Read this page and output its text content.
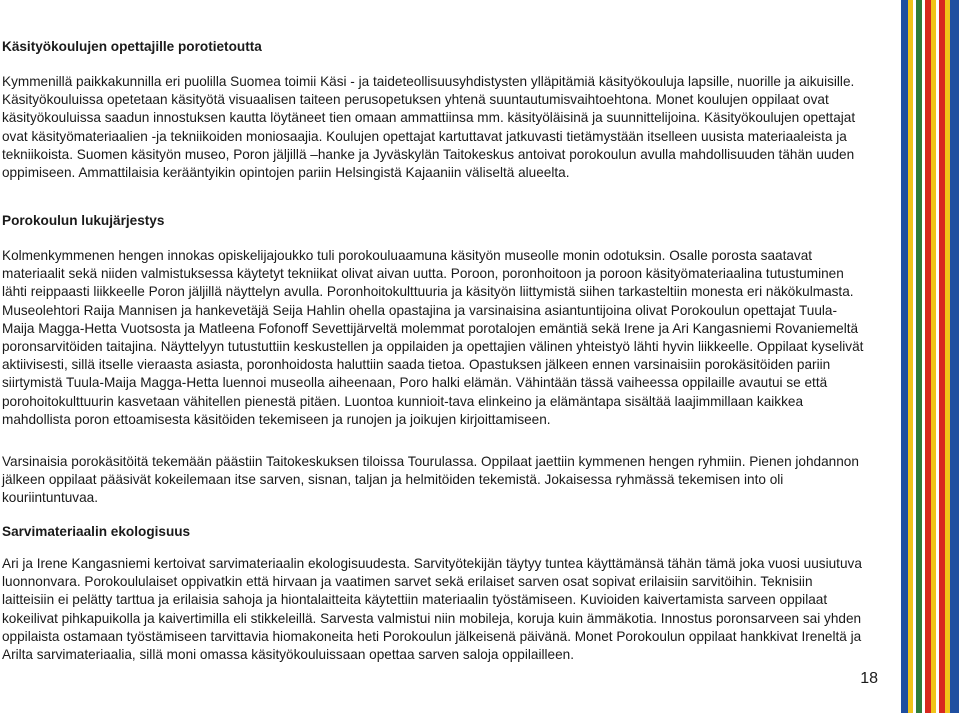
Käsityökoulujen opettajille porotietoutta

Kymmenillä paikkakunnilla eri puolilla Suomea toimii Käsi - ja taideteollisuusyhdistysten ylläpitämiä käsityökouluja lapsille, nuorille ja aikuisille. Käsityökouluissa opetetaan käsityötä visuaalisen taiteen perusopetuksen yhtenä suuntautumisvaihtoehtona. Monet koulujen oppilaat ovat käsityökouluissa saadun innostuksen kautta löytäneet tien omaan ammattiinsa mm. käsityöläisinä ja suunnittelijoina. Käsityökoulujen opettajat ovat käsityömateriaalien -ja tekniikoiden moniosaajia. Koulujen opettajat kartuttavat jatkuvasti tietämystään itselleen uusista materiaaleista ja tekniikoista. Suomen käsityön museo, Poron jäljillä –hanke ja Jyväskylän Taitokeskus antoivat porokoulun avulla mahdollisuuden tähän uuden oppimiseen. Ammattilaisia kerääntyikin opintojen pariin Helsingistä Kajaaniin väliseltä alueelta.

Porokoulun lukujärjestys

Kolmenkymmenen hengen innokas opiskelijajoukko tuli porokouluaamuna käsityön museolle monin odotuksin. Osalle porosta saatavat materiaalit sekä niiden valmistuksessa käytetyt tekniikat olivat aivan uutta. Poroon, poronhoitoon ja poroon käsityömateriaalina tutustuminen lähti reippaasti liikkeelle Poron jäljillä näyttelyn avulla. Poronhoitokulttuuria ja käsityön liittymistä siihen tarkasteltiin monesta eri näkökulmasta. Museolehtori Raija Mannisen ja hankevetäjä Seija Hahlin ohella opastajina ja varsinaisina asiantuntijoina olivat Porokoulun opettajat Tuula-Maija Magga-Hetta Vuotsosta ja Matleena Fofonoff Sevettijärveltä molemmat porotalojen emäntiä sekä Irene ja Ari Kangasniemi Rovaniemeltä poronsarvitöiden taitajina. Näyttelyyn tutustuttiin keskustellen ja oppilaiden ja opettajien välinen yhteistyö lähti hyvin liikkeelle. Oppilaat kyselivät aktiivisesti, sillä itselle vieraasta asiasta, poronhoidosta haluttiin saada tietoa. Opastuksen jälkeen ennen varsinaisiin porokäsitöiden pariin siirtymistä Tuula-Maija Magga-Hetta luennoi museolla aiheenaan, Poro halki elämän. Vähintään tässä vaiheessa oppilaille avautui se että porohoitokulttuurin kasvetaan vähitellen pienestä pitäen. Luontoa kunnioit-tava elinkeino ja elämäntapa sisältää laajimmillaan kaikkea mahdollista poron ettoamisesta käsitöiden tekemiseen ja runojen ja joikujen kirjoittamiseen.

Varsinaisia porokäsitöitä tekemään päästiin Taitokeskuksen tiloissa Tourulassa. Oppilaat jaettiin kymmenen hengen ryhmiin. Pienen johdannon jälkeen oppilaat pääsivät kokeilemaan itse sarven, sisnan, taljan ja helmitöiden tekemistä. Jokaisessa ryhmässä tekemisen into oli kouriintuntuvaa.

Sarvimateriaalin ekologisuus

Ari ja Irene Kangasniemi kertoivat sarvimateriaalin ekologisuudesta. Sarvityötekijän täytyy tuntea käyttämänsä tähän tämä joka vuosi uusiutuva luonnonvara. Porokoululaiset oppivatkin että hirvaan ja vaatimen sarvet sekä erilaiset sarven osat sopivat erilaisiin sarvitöihin. Teknisiin laitteisiin ei pelätty tarttua ja erilaisia sahoja ja hiontalaitteita käytettiin materiaalin työstämiseen. Kuvioiden kaivertamista sarveen oppilaat kokeilivat pihkapuikolla ja kaivertimilla eli stikkeleillä. Sarvesta valmistui niin mobileja, koruja kuin ämmäkotia. Innostus poronsarveen sai yhden oppilaista ostamaan työstämiseen tarvittavia hiomakoneita heti Porokoulun jälkeisenä päivänä. Monet Porokoulun oppilaat hankkivat Ireneltä ja Arilta sarvimateriaalia, sillä moni omassa käsityökouluissaan opettaa sarven saloja oppilailleen.

18
